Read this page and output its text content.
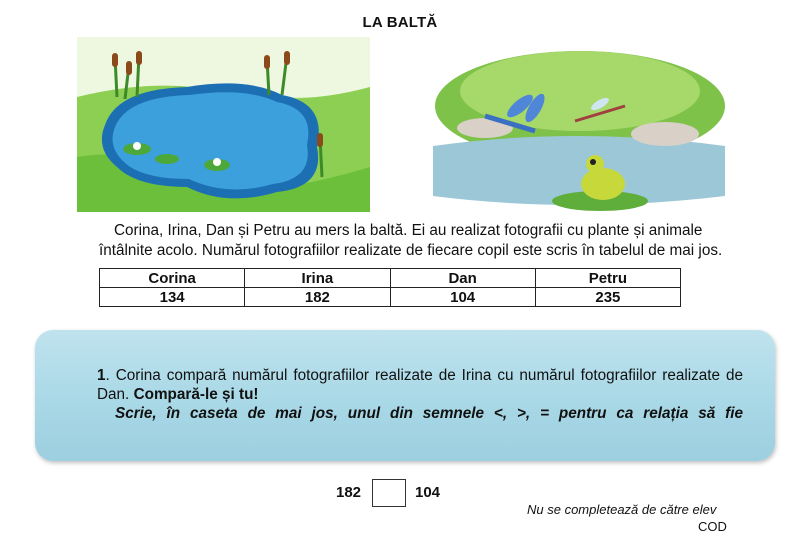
LA BALTĂ

Corina, Irina, Dan și Petru au mers la baltă. Ei au realizat fotografii cu plante și animale

întâlnite acolo. Numărul fotografiilor realizate de fiecare copil este scris în tabelul de mai jos.

Corina	Irina	Dan	Petru
134	182	104	235
1. Corina compară numărul fotografiilor realizate de Irina cu numărul fotografiilor realizate de Dan. Compară-le și tu!
Scrie, în caseta de mai jos, unul din semnele <, >, = pentru ca relația să fie
182	104
Nu se completează de către elev
COD
